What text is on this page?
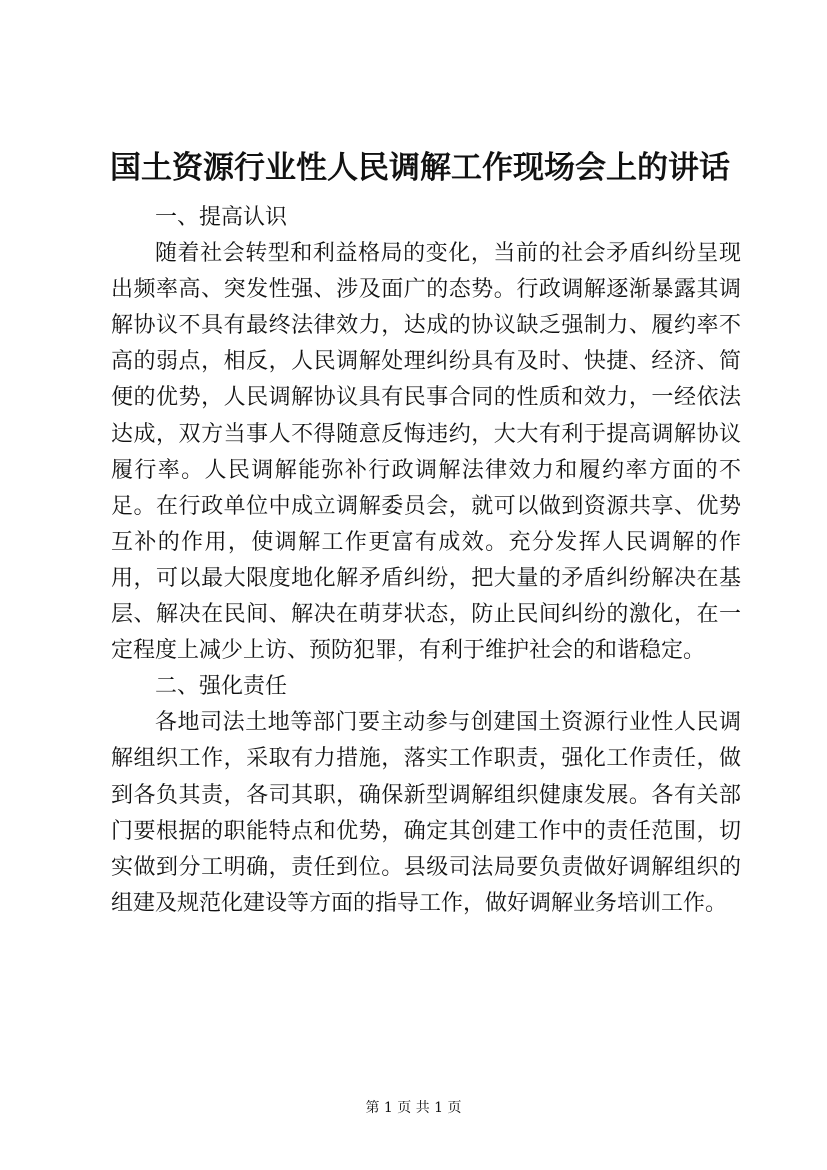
国土资源行业性人民调解工作现场会上的讲话
一、提高认识

随着社会转型和利益格局的变化，当前的社会矛盾纠纷呈现出频率高、突发性强、涉及面广的态势。行政调解逐渐暴露其调解协议不具有最终法律效力，达成的协议缺乏强制力、履约率不高的弱点，相反，人民调解处理纠纷具有及时、快捷、经济、简便的优势，人民调解协议具有民事合同的性质和效力，一经依法达成，双方当事人不得随意反悔违约，大大有利于提高调解协议履行率。人民调解能弥补行政调解法律效力和履约率方面的不足。在行政单位中成立调解委员会，就可以做到资源共享、优势互补的作用，使调解工作更富有成效。充分发挥人民调解的作用，可以最大限度地化解矛盾纠纷，把大量的矛盾纠纷解决在基层、解决在民间、解决在萌芽状态，防止民间纠纷的激化，在一定程度上减少上访、预防犯罪，有利于维护社会的和谐稳定。

二、强化责任

各地司法土地等部门要主动参与创建国土资源行业性人民调解组织工作，采取有力措施，落实工作职责，强化工作责任，做到各负其责，各司其职，确保新型调解组织健康发展。各有关部门要根据的职能特点和优势，确定其创建工作中的责任范围，切实做到分工明确，责任到位。县级司法局要负责做好调解组织的组建及规范化建设等方面的指导工作，做好调解业务培训工作。

第 1 页 共 1 页
